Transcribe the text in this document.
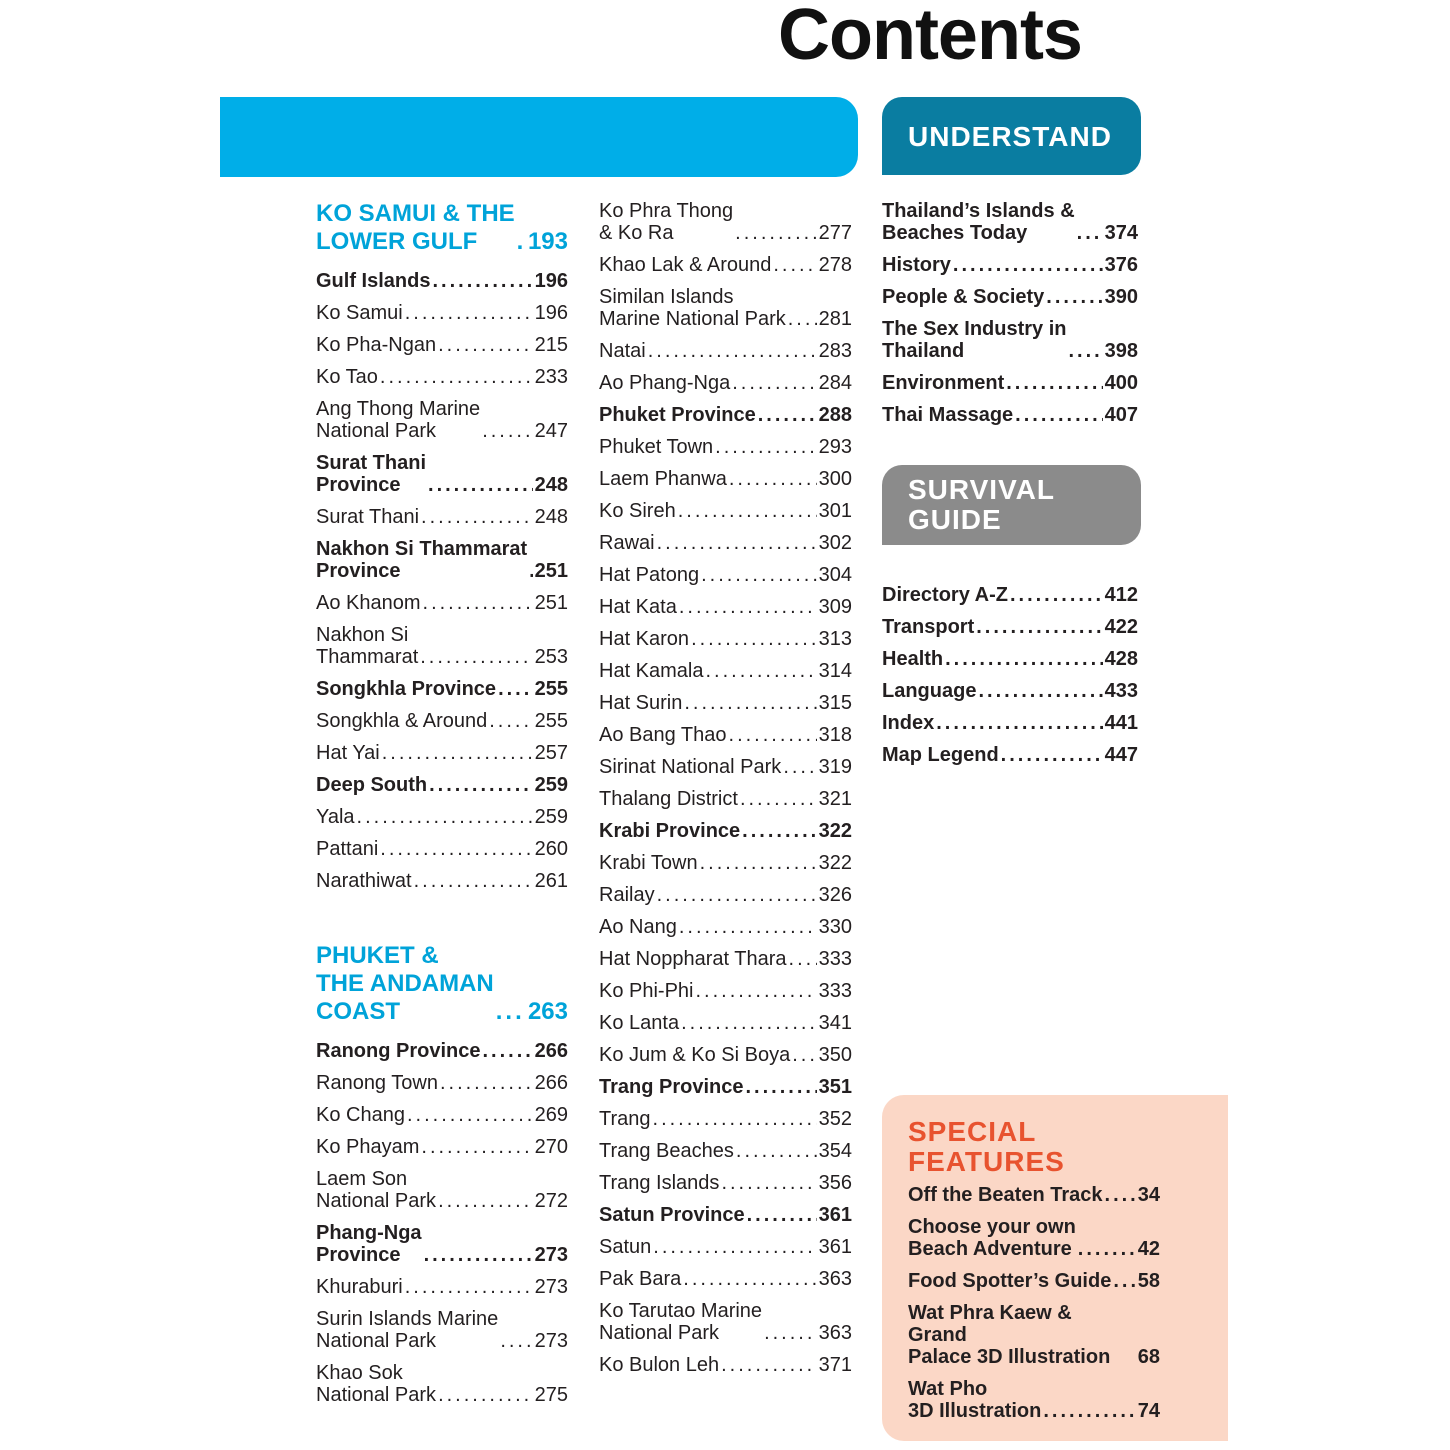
Contents
UNDERSTAND
SURVIVAL
GUIDE
SPECIAL
FEATURES
KO SAMUI & THE
LOWER GULF .....	193
Gulf Islands .....	196
Ko Samui .....	196
Ko Pha-Ngan .....	215
Ko Tao .....	233
Ang Thong Marine
National Park .....	247
Surat Thani
Province .....	248
Surat Thani .....	248
Nakhon Si Thammarat
Province .....	251
Ao Khanom .....	251
Nakhon Si
Thammarat .....	253
Songkhla Province ..... 255
Songkhla & Around ..... 255
Hat Yai .....	257
Deep South .....	259
Yala .....	259
Pattani .....	260
Narathiwat .....	261
PHUKET &
THE ANDAMAN
COAST .....	263
Ranong Province .....	266
Ranong Town .....	266
Ko Chang .....	269
Ko Phayam .....	270
Laem Son
National Park .....	272
Phang-Nga
Province .....	273
Khuraburi .....	273
Surin Islands Marine
National Park .....	273
Khao Sok
National Park .....	275
Ko Phra Thong
& Ko Ra .....	277
Khao Lak & Around ..... 278
Similan Islands
Marine National Park ..... 281
Natai .....	283
Ao Phang-Nga .....	284
Phuket Province .....	288
Phuket Town .....	293
Laem Phanwa .....	300
Ko Sireh .....	301
Rawai .....	302
Hat Patong .....	304
Hat Kata .....	309
Hat Karon .....	313
Hat Kamala .....	314
Hat Surin .....	315
Ao Bang Thao .....	318
Sirinat National Park ..... 319
Thalang District .....	321
Krabi Province .....	322
Krabi Town .....	322
Railay .....	326
Ao Nang .....	330
Hat Noppharat Thara ..... 333
Ko Phi-Phi .....	333
Ko Lanta .....	341
Ko Jum & Ko Si Boya ..... 350
Trang Province .....	351
Trang .....	352
Trang Beaches .....	354
Trang Islands .....	356
Satun Province .....	361
Satun .....	361
Pak Bara .....	363
Ko Tarutao Marine
National Park .....	363
Ko Bulon Leh .....	371
Thailand’s Islands &
Beaches Today .....	374
History .....	376
People & Society .....	390
The Sex Industry in
Thailand .....	398
Environment .....	400
Thai Massage .....	407
Directory A-Z .....	412
Transport .....	422
Health .....	428
Language .....	433
Index .....	441
Map Legend .....	447
Off the Beaten Track ..... 34
Choose your own
Beach Adventure .....	42
Food Spotter’s Guide ..... 58
Wat Phra Kaew & Grand
Palace 3D Illustration	68
Wat Pho
3D Illustration .....	74
